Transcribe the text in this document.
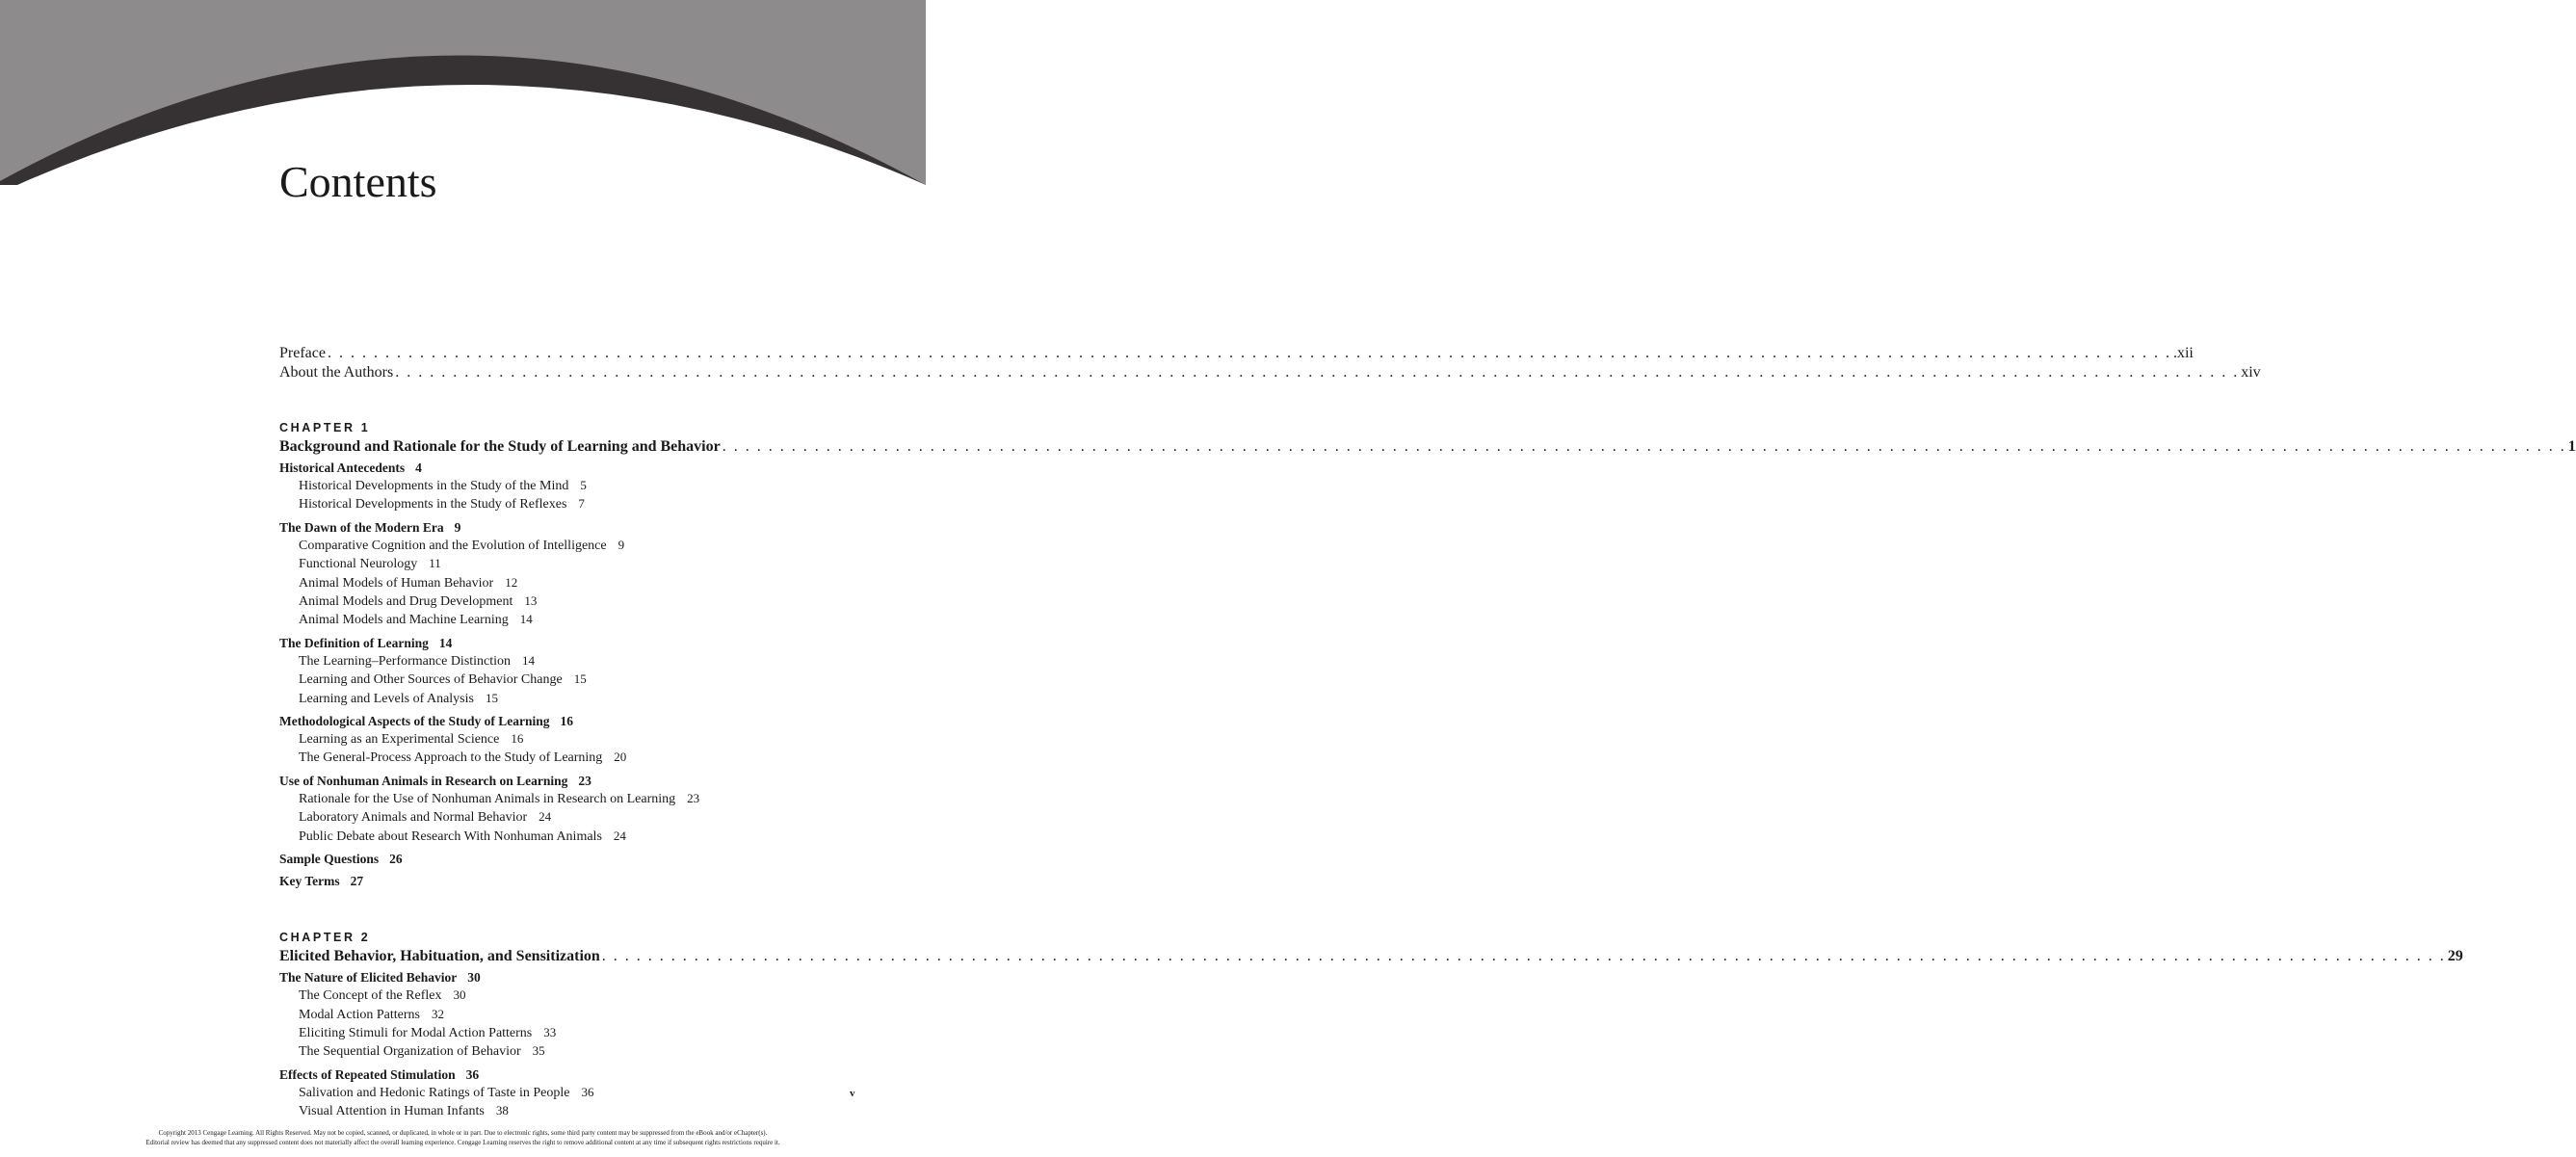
Contents
Preface . . . . . . . . . . . . . . . . . . . . . . . . . . . . . . . . . . . . . . . . . . . . . . . . . . . . . . . . . . . . . . . . . . . . . . . . . . . . . . . . . . . . . . . . . . . . . . . . . . . . . . . . . . . . . . . . . . . . . . . . . . . . . . . . . . . . . . . . . . . . . . . . . . . . . . . . . . . . . . . . .xii
About the Authors . . . . . . . . . . . . . . . . . . . . . . . . . . . . . . . . . . . . . . . . . . . . . . . . . . . . . . . . . . . . . . . . . . . . . . . . . . . . . . . . . . . . . . . . . . . . . . . . . . . . . . . . . . . . . . . . . . . . . . . . . . . . . . . . . . . . . . . . . . . . . . . . . . . . . . . . . . . . . . . . xiv
CHAPTER 1
Background and Rationale for the Study of Learning and Behavior . . . . . . . . . . . . . . . . . . . . . . . . . . . . . . . . . . . . . . . . . . . . . . . . . . . . . . . . . . . . . . . . . . . . . . . . . . . . . . . . . . . . . . . . . . . . . . . . . . . . . . . . . . . . . . . . . . . . . . . . . . . . . . . . . . . . . . . . . . . . . . . . . . . . . . . . . . . . . . . . 1
Historical Antecedents 4
Historical Developments in the Study of the Mind 5
Historical Developments in the Study of Reflexes 7
The Dawn of the Modern Era 9
Comparative Cognition and the Evolution of Intelligence 9
Functional Neurology 11
Animal Models of Human Behavior 12
Animal Models and Drug Development 13
Animal Models and Machine Learning 14
The Definition of Learning 14
The Learning–Performance Distinction 14
Learning and Other Sources of Behavior Change 15
Learning and Levels of Analysis 15
Methodological Aspects of the Study of Learning 16
Learning as an Experimental Science 16
The General-Process Approach to the Study of Learning 20
Use of Nonhuman Animals in Research on Learning 23
Rationale for the Use of Nonhuman Animals in Research on Learning 23
Laboratory Animals and Normal Behavior 24
Public Debate about Research With Nonhuman Animals 24
Sample Questions 26
Key Terms 27
CHAPTER 2
Elicited Behavior, Habituation, and Sensitization . . . . . . . . . . . . . . . . . . . . . . . . . . . . . . . . . . . . . . . . . . . . . . . . . . . . . . . . . . . . . . . . . . . . . . . . . . . . . . . . . . . . . . . . . . . . . . . . . . . . . . . . . . . . . . . . . . . . . . . . . . . . . . . . . . . . . . . . . . . . . . . . . . . . . . . . . . . . . . . . 29
The Nature of Elicited Behavior 30
The Concept of the Reflex 30
Modal Action Patterns 32
Eliciting Stimuli for Modal Action Patterns 33
The Sequential Organization of Behavior 35
Effects of Repeated Stimulation 36
Salivation and Hedonic Ratings of Taste in People 36
Visual Attention in Human Infants 38
v
Copyright 2013 Cengage Learning. All Rights Reserved. May not be copied, scanned, or duplicated, in whole or in part. Due to electronic rights, some third party content may be suppressed from the eBook and/or eChapter(s).
Editorial review has deemed that any suppressed content does not materially affect the overall learning experience. Cengage Learning reserves the right to remove additional content at any time if subsequent rights restrictions require it.
